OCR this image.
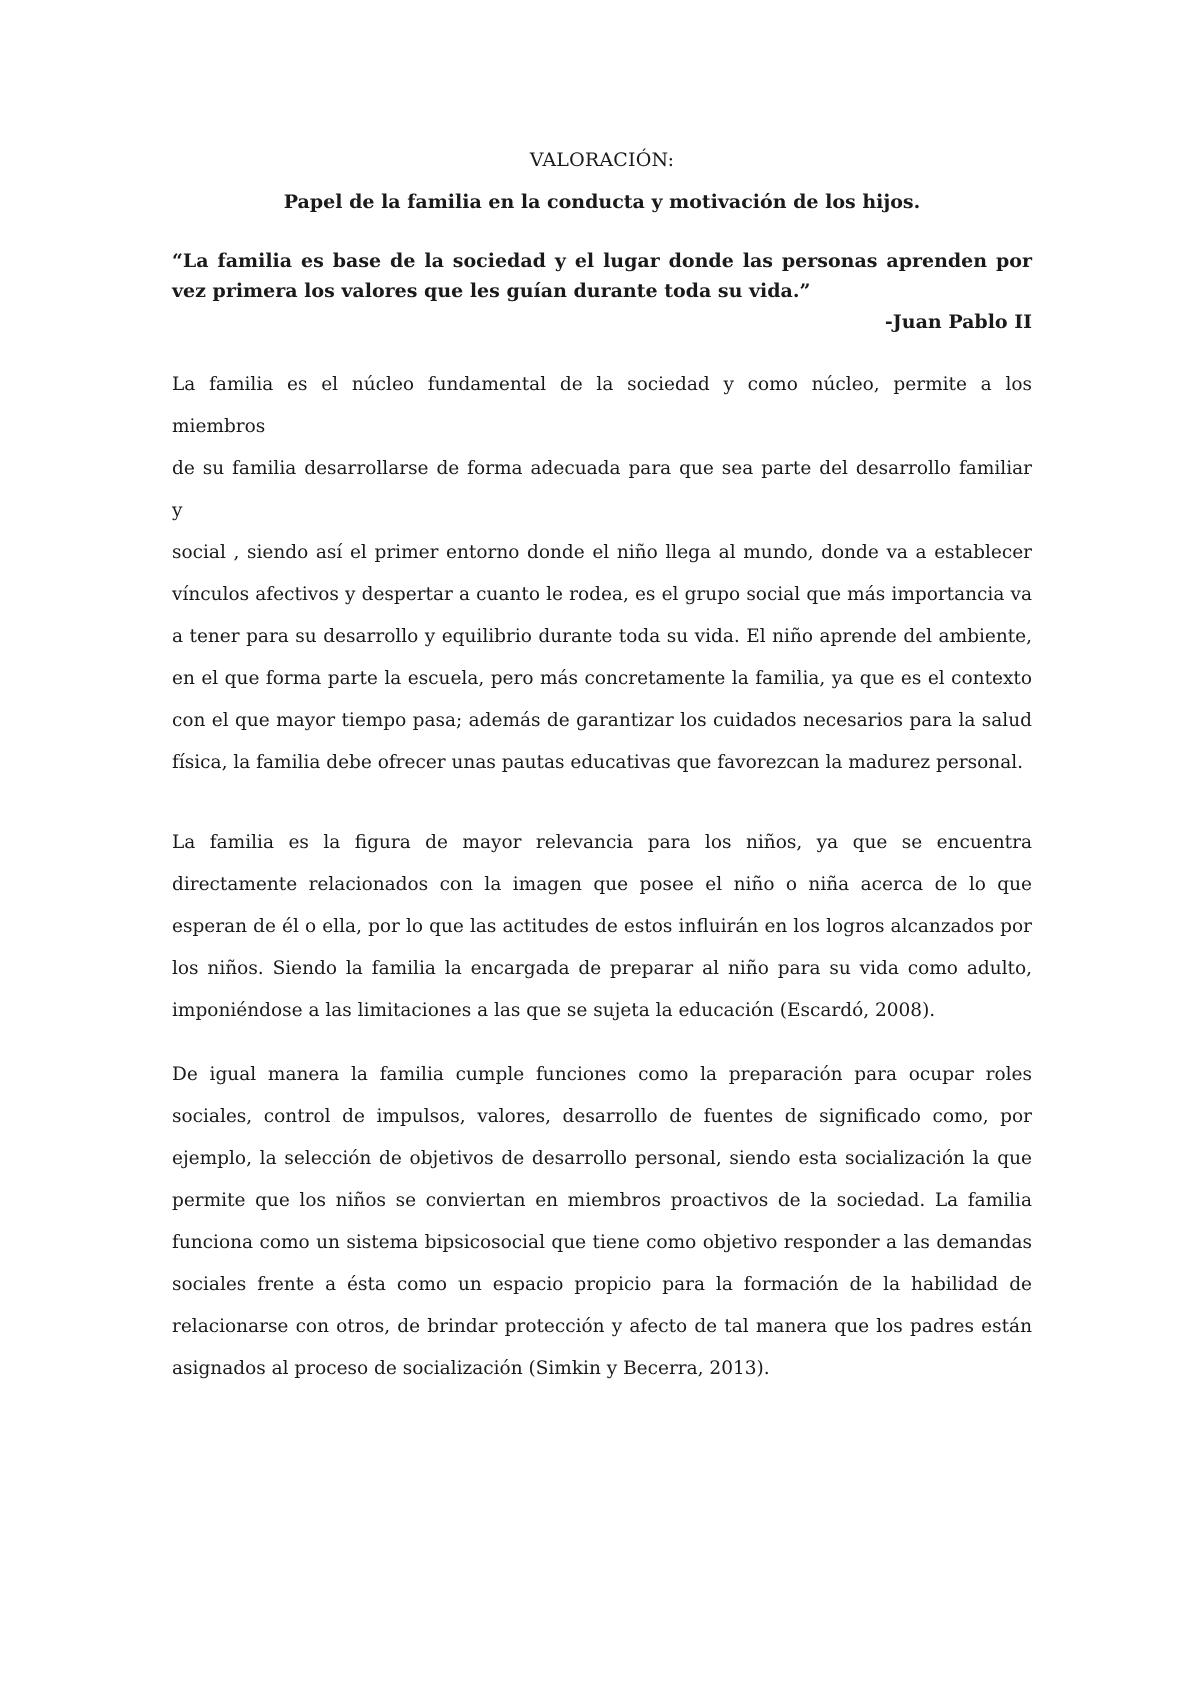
VALORACIÓN:

Papel de la familia en la conducta y motivación de los hijos.

“La familia es base de la sociedad y el lugar donde las personas aprenden por vez primera los valores que les guían durante toda su vida.”

-Juan Pablo II

La familia es el núcleo fundamental de la sociedad y como núcleo, permite a los
miembros
de su familia desarrollarse de forma adecuada para que sea parte del desarrollo familiar
y
social , siendo así el primer entorno donde el niño llega al mundo, donde va a establecer vínculos afectivos y despertar a cuanto le rodea, es el grupo social que más importancia va a tener para su desarrollo y equilibrio durante toda su vida. El niño aprende del ambiente, en el que forma parte la escuela, pero más concretamente la familia, ya que es el contexto con el que mayor tiempo pasa; además de garantizar los cuidados necesarios para la salud física, la familia debe ofrecer unas pautas educativas que favorezcan la madurez personal.

La familia es la figura de mayor relevancia para los niños, ya que se encuentra directamente relacionados con la imagen que posee el niño o niña acerca de lo que esperan de él o ella, por lo que las actitudes de estos influirán en los logros alcanzados por los niños. Siendo la familia la encargada de preparar al niño para su vida como adulto, imponiéndose a las limitaciones a las que se sujeta la educación (Escardó, 2008).

De igual manera la familia cumple funciones como la preparación para ocupar roles sociales, control de impulsos, valores, desarrollo de fuentes de significado como, por ejemplo, la selección de objetivos de desarrollo personal, siendo esta socialización la que permite que los niños se conviertan en miembros proactivos de la sociedad. La familia funciona como un sistema bipsicosocial que tiene como objetivo responder a las demandas sociales frente a ésta como un espacio propicio para la formación de la habilidad de relacionarse con otros, de brindar protección y afecto de tal manera que los padres están asignados al proceso de socialización (Simkin y Becerra, 2013).
